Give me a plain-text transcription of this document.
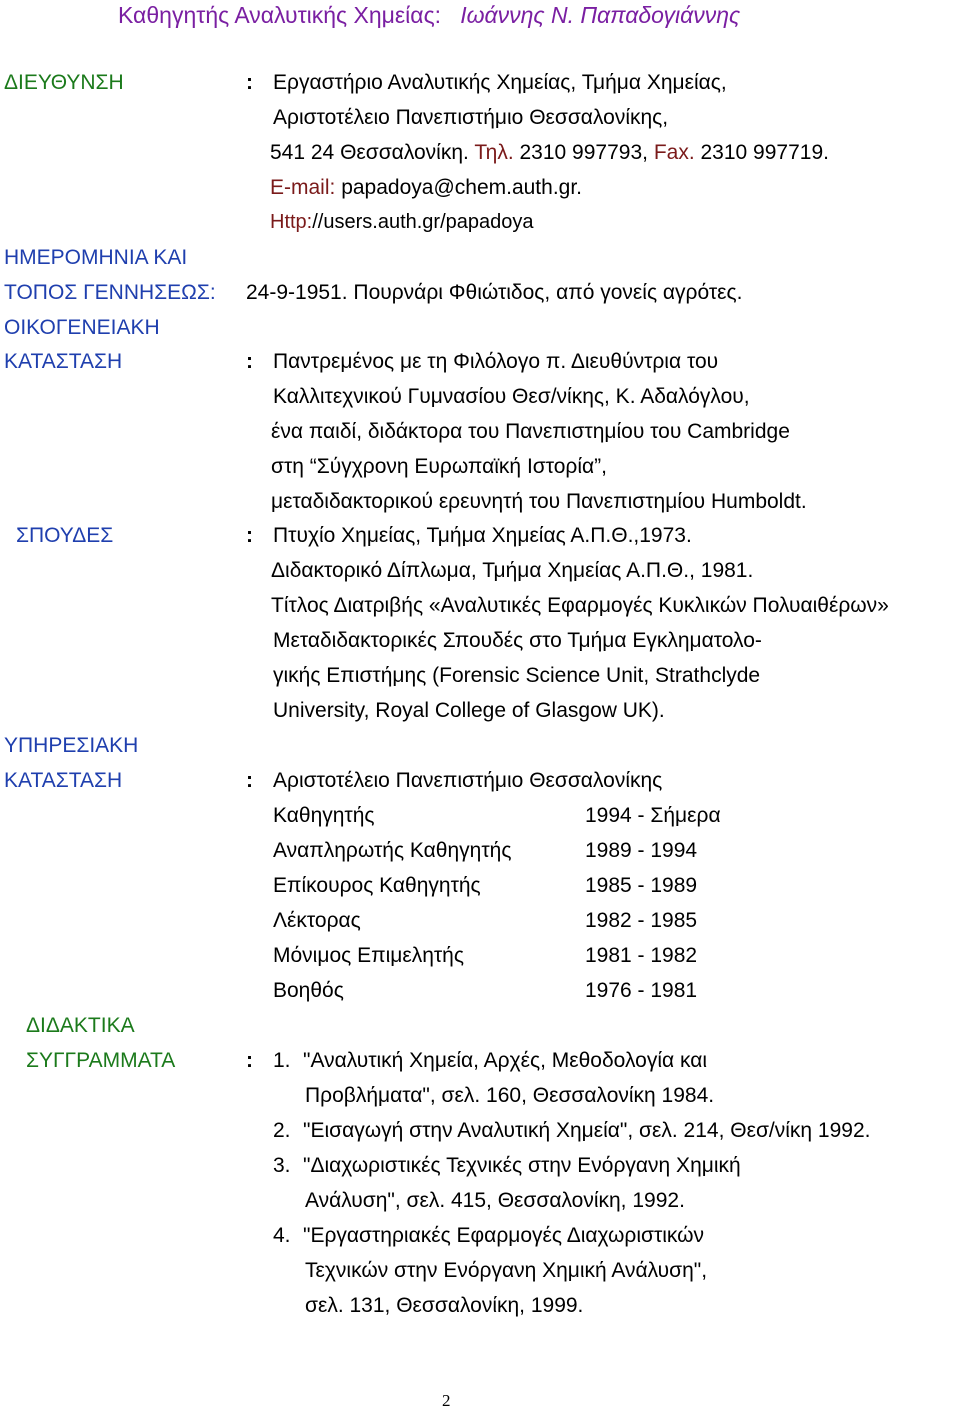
Καθηγητής Αναλυτικής Χημείας: Ιωάννης Ν. Παπαδογιάννης
ΔΙΕΥΘΥΝΣΗ	: Εργαστήριο Αναλυτικής Χημείας, Τμήμα Χημείας,
Αριστοτέλειο Πανεπιστήμιο Θεσσαλονίκης,
541 24 Θεσσαλονίκη. Τηλ. 2310 997793, Fax. 2310 997719.
E-mail: papadoya@chem.auth.gr.
Http://users.auth.gr/papadoya
ΗΜΕΡΟΜΗΝΙΑ ΚΑΙ
ΤΟΠΟΣ ΓΕΝΝΗΣΕΩΣ: 24-9-1951. Πουρνάρι Φθιώτιδος, από γονείς αγρότες.
ΟΙΚΟΓΕΝΕΙΑΚΗ
ΚΑΤΑΣΤΑΣΗ	: Παντρεμένος με τη Φιλόλογο π. Διευθύντρια του
Καλλιτεχνικού Γυμνασίου Θεσ/νίκης, Κ. Αδαλόγλου,
ένα παιδί, διδάκτορα του Πανεπιστημίου του Cambridge
στη “Σύγχρονη Ευρωπαϊκή Ιστορία”,
μεταδιδακτορικού ερευνητή του Πανεπιστημίου Humboldt.
ΣΠΟΥΔΕΣ	: Πτυχίο Χημείας, Τμήμα Χημείας Α.Π.Θ.,1973.
Διδακτορικό Δίπλωμα, Τμήμα Χημείας Α.Π.Θ., 1981.
Τίτλος Διατριβής «Αναλυτικές Εφαρμογές Κυκλικών Πολυαιθέρων»
Μεταδιδακτορικές Σπουδές στο Τμήμα Εγκληματολο-
γικής Επιστήμης (Forensic Science Unit, Strathclyde
University, Royal College of Glasgow UK).
ΥΠΗΡΕΣΙΑΚΗ
ΚΑΤΑΣΤΑΣΗ	: Αριστοτέλειο Πανεπιστήμιο Θεσσαλονίκης
Καθηγητής	1994 - Σήμερα
Αναπληρωτής Καθηγητής	1989 - 1994
Επίκουρος Καθηγητής	1985 - 1989
Λέκτορας	1982 - 1985
Μόνιμος Επιμελητής	1981 - 1982
Βοηθός	1976 - 1981
ΔΙΔΑΚΤΙΚΑ
ΣΥΓΓΡΑΜΜΑΤΑ	: 1. "Αναλυτική Χημεία, Αρχές, Μεθοδολογία και
Προβλήματα", σελ. 160, Θεσσαλονίκη 1984.
2. "Εισαγωγή στην Αναλυτική Χημεία", σελ. 214, Θεσ/νίκη 1992.
3. "Διαχωριστικές Τεχνικές στην Ενόργανη Χημική
Ανάλυση", σελ. 415, Θεσσαλονίκη, 1992.
4. "Εργαστηριακές Εφαρμογές Διαχωριστικών
Τεχνικών στην Ενόργανη Χημική Ανάλυση",
σελ. 131, Θεσσαλονίκη, 1999.
2
